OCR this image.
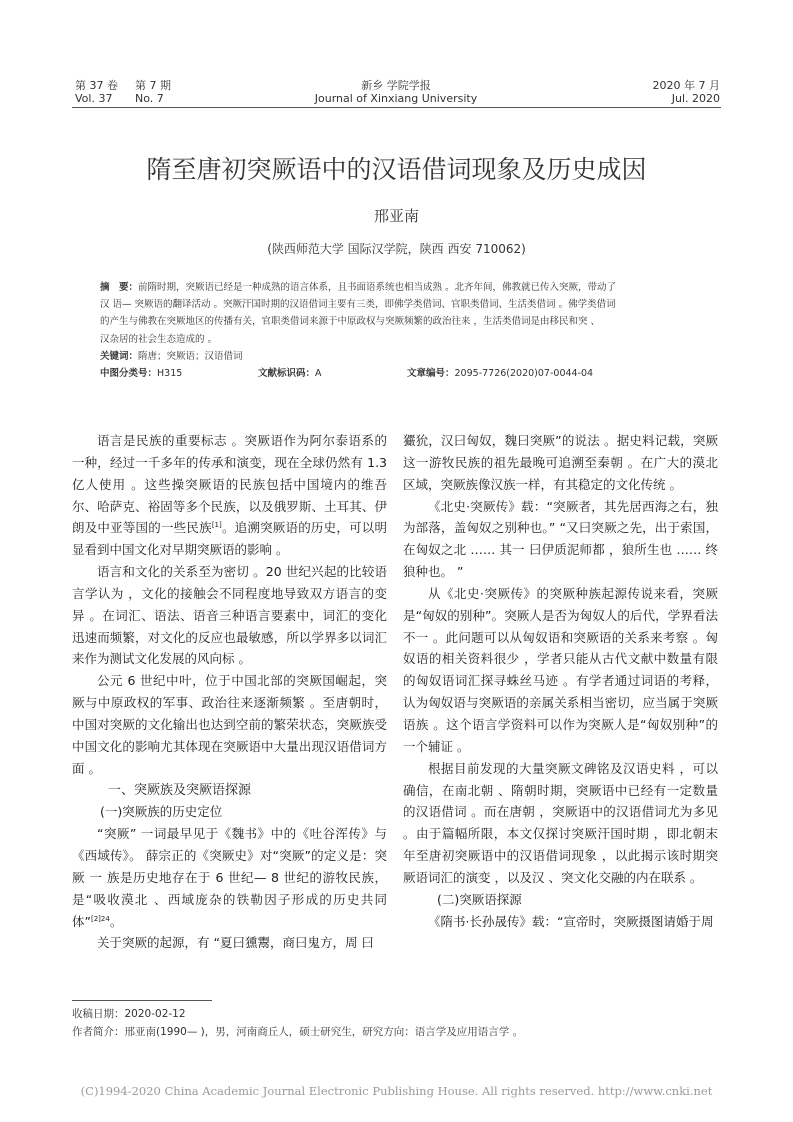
第 37 卷
Vol. 37
第 7 期
No. 7
新乡 学院学报
Journal of Xinxiang University
2020 年 7 月
Jul. 2020
隋至唐初突厥语中的汉语借词现象及历史成因
邢亚南
(陕西师范大学 国际汉学院，陕西 西安 710062)

摘　要：前隋时期，突厥语已经是一种成熟的语言体系，且书面语系统也相当成熟 。北齐年间，佛教就已传入突厥，带动了

汉 语— 突厥语的翻译活动 。突厥汗国时期的汉语借词主要有三类，即佛学类借词、官职类借词、生活类借词 。佛学类借词

的产生与佛教在突厥地区的传播有关，官职类借词来源于中原政权与突厥频繁的政治往来 ，生活类借词是由移民和突 、

汉杂居的社会生态造成的 。

关键词：隋唐；突厥语；汉语借词

中图分类号：H315	文献标识码：A	文章编号：2095-7726(2020)07-0044-04

语言是民族的重要标志 。突厥语作为阿尔泰语系的一种，经过一千多年的传承和演变，现在全球仍然有 1.3 亿人使用 。这些操突厥语的民族包括中国境内的维吾尔、哈萨克、裕固等多个民族，以及俄罗斯、土耳其、伊朗及中亚等国的一些民族[1]。追溯突厥语的历史，可以明显看到中国文化对早期突厥语的影响 。

语言和文化的关系至为密切 。20 世纪兴起的比较语言学认为 ，文化的接触会不同程度地导致双方语言的变异 。在词汇、语法、语音三种语言要素中，词汇的变化迅速而频繁，对文化的反应也最敏感，所以学界多以词汇来作为测试文化发展的风向标 。

公元 6 世纪中叶，位于中国北部的突厥国崛起，突厥与中原政权的军事、政治往来逐渐频繁 。至唐朝时，中国对突厥的文化输出也达到空前的繁荣状态，突厥族受中国文化的影响尤其体现在突厥语中大量出现汉语借词方面 。

一、突厥族及突厥语探源

(一)突厥族的历史定位

“突厥” 一词最早见于《魏书》中的《吐谷浑传》与《西域传》。 薛宗正的《突厥史》对“突厥”的定义是：突厥 一 族是历史地存在于 6 世纪— 8 世纪的游牧民族，是“吸收漠北 、西域庞杂的铁勒因子形成的历史共同体”$^{[2]24}$。

关于突厥的起源，有 “夏曰獯鬻，商曰鬼方，周 曰

玁狁，汉曰匈奴，魏曰突厥”的说法 。据史料记载，突厥这一游牧民族的祖先最晚可追溯至秦朝 。在广大的漠北区域，突厥族像汉族一样，有其稳定的文化传统 。

《北史·突厥传》载：“突厥者，其先居西海之右，独为部落，盖匈奴之别种也。” “又曰突厥之先，出于索国，在匈奴之北 …… 其一 曰伊质泥师都 ，狼所生也 …… 终狼种也。 ”

从《北史·突厥传》的突厥种族起源传说来看，突厥是“匈奴的别种”。突厥人是否为匈奴人的后代，学界看法不一 。此问题可以从匈奴语和突厥语的关系来考察 。匈奴语的相关资料很少 ，学者只能从古代文献中数量有限的匈奴语词汇探寻蛛丝马迹 。有学者通过词语的考释，认为匈奴语与突厥语的亲属关系相当密切，应当属于突厥语族 。这个语言学资料可以作为突厥人是“匈奴别种”的一个辅证 。

根据目前发现的大量突厥文碑铭及汉语史料 ，可以确信，在南北朝 、隋朝时期，突厥语中已经有一定数量的汉语借词 。而在唐朝 ，突厥语中的汉语借词尤为多见 。由于篇幅所限，本文仅探讨突厥汗国时期 ，即北朝末年至唐初突厥语中的汉语借词现象 ，以此揭示该时期突厥语词汇的演变 ，以及汉 、突文化交融的内在联系 。

(二)突厥语探源

《隋书·长孙晟传》载：“宣帝时，突厥摄图请婚于周

收稿日期：2020-02-12
作者简介：邢亚南(1990— )，男，河南商丘人，硕士研究生，研究方向：语言学及应用语言学 。
(C)1994-2020 China Academic Journal Electronic Publishing House. All rights reserved. http://www.cnki.net
